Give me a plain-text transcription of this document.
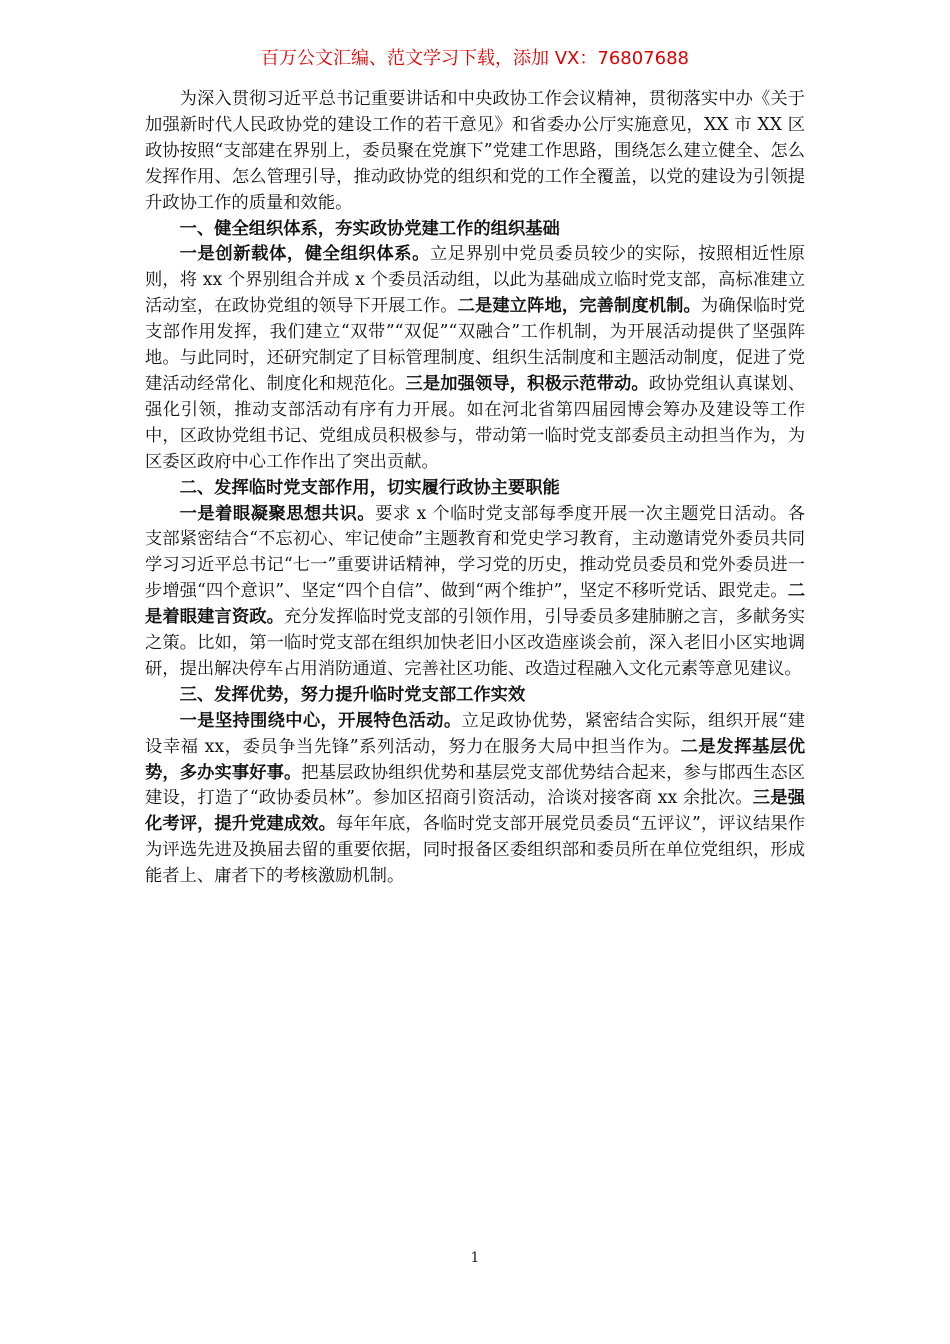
百万公文汇编、范文学习下载，添加 VX：76807688

为深入贯彻习近平总书记重要讲话和中央政协工作会议精神，贯彻落实中办《关于加强新时代人民政协党的建设工作的若干意见》和省委办公厅实施意见，XX 市 XX 区政协按照“支部建在界别上，委员聚在党旗下”党建工作思路，围绕怎么建立健全、怎么发挥作用、怎么管理引导，推动政协党的组织和党的工作全覆盖，以党的建设为引领提升政协工作的质量和效能。

一、健全组织体系，夯实政协党建工作的组织基础

一是创新载体，健全组织体系。立足界别中党员委员较少的实际，按照相近性原则，将 xx 个界别组合并成 x 个委员活动组，以此为基础成立临时党支部，高标准建立活动室，在政协党组的领导下开展工作。二是建立阵地，完善制度机制。为确保临时党支部作用发挥，我们建立“双带”“双促”“双融合”工作机制，为开展活动提供了坚强阵地。与此同时，还研究制定了目标管理制度、组织生活制度和主题活动制度，促进了党建活动经常化、制度化和规范化。三是加强领导，积极示范带动。政协党组认真谋划、强化引领，推动支部活动有序有力开展。如在河北省第四届园博会筹办及建设等工作中，区政协党组书记、党组成员积极参与，带动第一临时党支部委员主动担当作为，为区委区政府中心工作作出了突出贡献。

二、发挥临时党支部作用，切实履行政协主要职能

一是着眼凝聚思想共识。要求 x 个临时党支部每季度开展一次主题党日活动。各支部紧密结合“不忘初心、牢记使命”主题教育和党史学习教育，主动邀请党外委员共同学习习近平总书记“七一”重要讲话精神，学习党的历史，推动党员委员和党外委员进一步增强“四个意识”、坚定“四个自信”、做到“两个维护”，坚定不移听党话、跟党走。二是着眼建言资政。充分发挥临时党支部的引领作用，引导委员多建肺腑之言，多献务实之策。比如，第一临时党支部在组织加快老旧小区改造座谈会前，深入老旧小区实地调研，提出解决停车占用消防通道、完善社区功能、改造过程融入文化元素等意见建议。

三、发挥优势，努力提升临时党支部工作实效

一是坚持围绕中心，开展特色活动。立足政协优势，紧密结合实际，组织开展“建设幸福 xx，委员争当先锋”系列活动，努力在服务大局中担当作为。二是发挥基层优势，多办实事好事。把基层政协组织优势和基层党支部优势结合起来，参与邯西生态区建设，打造了“政协委员林”。参加区招商引资活动，洽谈对接客商 xx 余批次。三是强化考评，提升党建成效。每年年底，各临时党支部开展党员委员“五评议”，评议结果作为评选先进及换届去留的重要依据，同时报备区委组织部和委员所在单位党组织，形成能者上、庸者下的考核激励机制。

1
